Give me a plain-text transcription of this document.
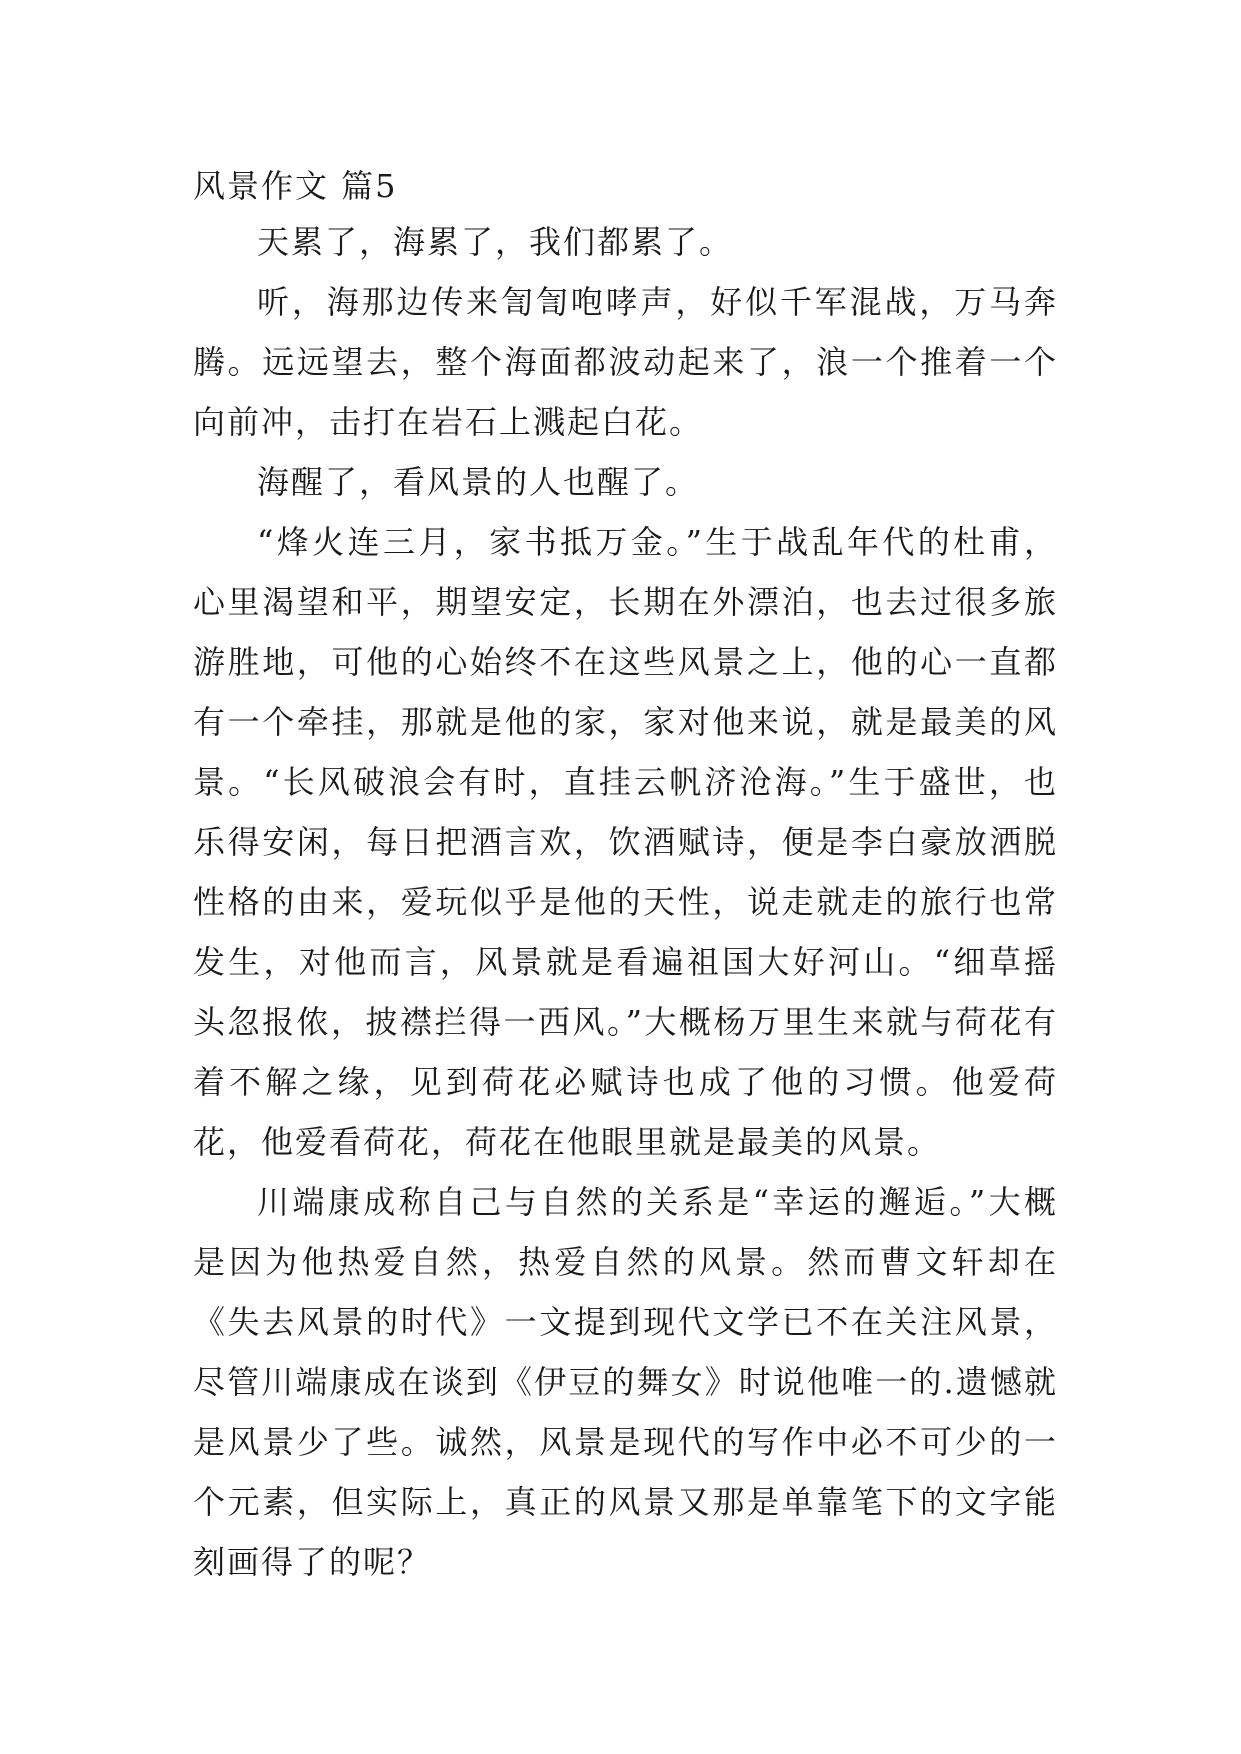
风景作文 篇5

天累了，海累了，我们都累了。

听，海那边传来訇訇咆哮声，好似千军混战，万马奔腾。远远望去，整个海面都波动起来了，浪一个推着一个向前冲，击打在岩石上溅起白花。

海醒了，看风景的人也醒了。

“烽火连三月，家书抵万金。”生于战乱年代的杜甫，心里渴望和平，期望安定，长期在外漂泊，也去过很多旅游胜地，可他的心始终不在这些风景之上，他的心一直都有一个牵挂，那就是他的家，家对他来说，就是最美的风景。“长风破浪会有时，直挂云帆济沧海。”生于盛世，也乐得安闲，每日把酒言欢，饮酒赋诗，便是李白豪放洒脱性格的由来，爱玩似乎是他的天性，说走就走的旅行也常发生，对他而言，风景就是看遍祖国大好河山。“细草摇头忽报侬，披襟拦得一西风。”大概杨万里生来就与荷花有着不解之缘，见到荷花必赋诗也成了他的习惯。他爱荷花，他爱看荷花，荷花在他眼里就是最美的风景。

川端康成称自己与自然的关系是“幸运的邂逅。”大概是因为他热爱自然，热爱自然的风景。然而曹文轩却在《失去风景的时代》一文提到现代文学已不在关注风景，尽管川端康成在谈到《伊豆的舞女》时说他唯一的.遗憾就是风景少了些。诚然，风景是现代的写作中必不可少的一个元素，但实际上，真正的风景又那是单靠笔下的文字能刻画得了的呢？
